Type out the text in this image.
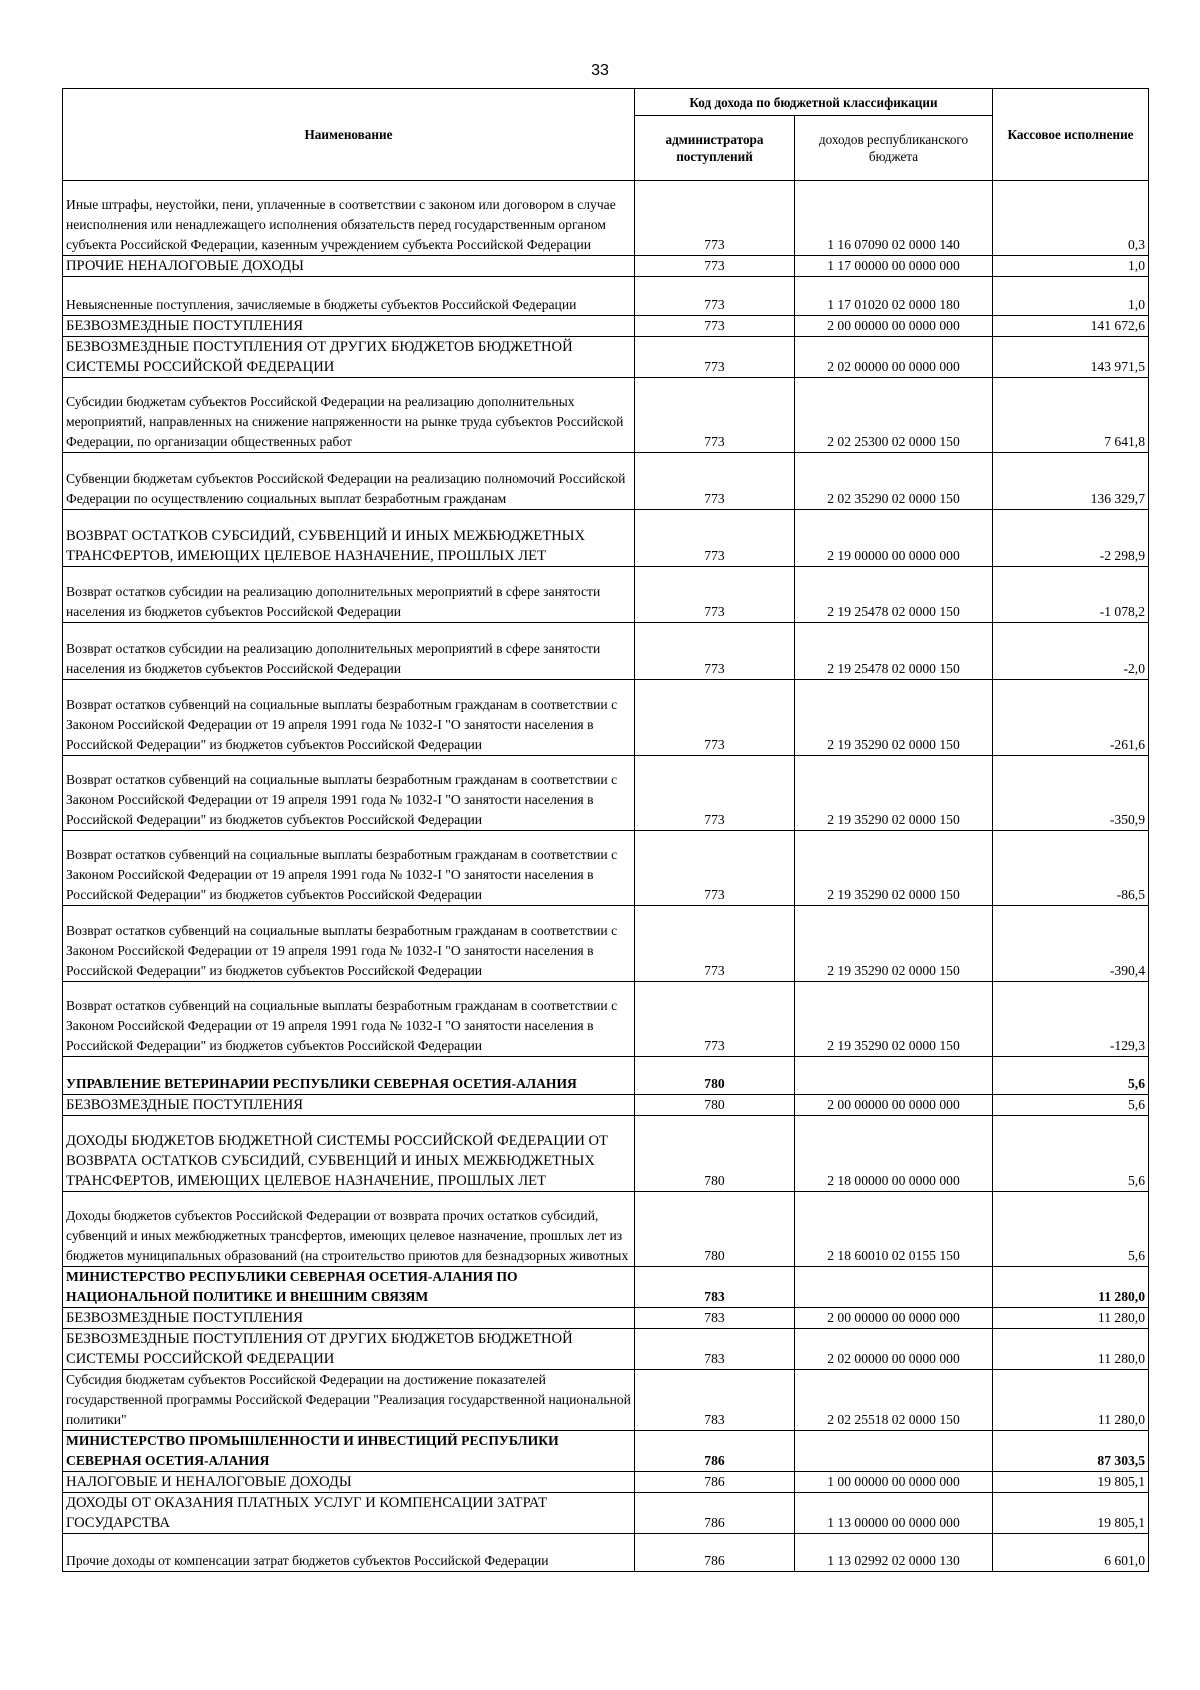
33
Наименование	Код дохода по бюджетной классификации		Кассовое исполнение
	администратора поступлений	доходов республиканского бюджета	
Иные штрафы, неустойки, пени, уплаченные в соответствии с законом или договором в случае неисполнения или ненадлежащего исполнения обязательств перед государственным органом субъекта Российской Федерации, казенным учреждением субъекта Российской Федерации	773	1 16 07090 02 0000 140	0,3
ПРОЧИЕ НЕНАЛОГОВЫЕ ДОХОДЫ	773	1 17 00000 00 0000 000	1,0
Невыясненные поступления, зачисляемые в бюджеты субъектов Российской Федерации	773	1 17 01020 02 0000 180	1,0
БЕЗВОЗМЕЗДНЫЕ ПОСТУПЛЕНИЯ	773	2 00 00000 00 0000 000	141 672,6
БЕЗВОЗМЕЗДНЫЕ ПОСТУПЛЕНИЯ ОТ ДРУГИХ БЮДЖЕТОВ БЮДЖЕТНОЙ СИСТЕМЫ РОССИЙСКОЙ ФЕДЕРАЦИИ	773	2 02 00000 00 0000 000	143 971,5
Субсидии бюджетам субъектов Российской Федерации на реализацию дополнительных мероприятий, направленных на снижение напряженности на рынке труда субъектов Российской Федерации, по организации общественных работ	773	2 02 25300 02 0000 150	7 641,8
Субвенции бюджетам субъектов Российской Федерации на реализацию полномочий Российской Федерации по осуществлению социальных выплат безработным гражданам	773	2 02 35290 02 0000 150	136 329,7
ВОЗВРАТ ОСТАТКОВ СУБСИДИЙ, СУБВЕНЦИЙ И ИНЫХ МЕЖБЮДЖЕТНЫХ ТРАНСФЕРТОВ, ИМЕЮЩИХ ЦЕЛЕВОЕ НАЗНАЧЕНИЕ, ПРОШЛЫХ ЛЕТ	773	2 19 00000 00 0000 000	-2 298,9
Возврат остатков субсидии на реализацию дополнительных мероприятий в сфере занятости населения из бюджетов субъектов Российской Федерации	773	2 19 25478 02 0000 150	-1 078,2
Возврат остатков субсидии на реализацию дополнительных мероприятий в сфере занятости населения из бюджетов субъектов Российской Федерации	773	2 19 25478 02 0000 150	-2,0
Возврат остатков субвенций на социальные выплаты безработным гражданам в соответствии с Законом Российской Федерации от 19 апреля 1991 года № 1032-I "О занятости населения в Российской Федерации" из бюджетов субъектов Российской Федерации	773	2 19 35290 02 0000 150	-261,6
Возврат остатков субвенций на социальные выплаты безработным гражданам в соответствии с Законом Российской Федерации от 19 апреля 1991 года № 1032-I "О занятости населения в Российской Федерации" из бюджетов субъектов Российской Федерации	773	2 19 35290 02 0000 150	-350,9
Возврат остатков субвенций на социальные выплаты безработным гражданам в соответствии с Законом Российской Федерации от 19 апреля 1991 года № 1032-I "О занятости населения в Российской Федерации" из бюджетов субъектов Российской Федерации	773	2 19 35290 02 0000 150	-86,5
Возврат остатков субвенций на социальные выплаты безработным гражданам в соответствии с Законом Российской Федерации от 19 апреля 1991 года № 1032-I "О занятости населения в Российской Федерации" из бюджетов субъектов Российской Федерации	773	2 19 35290 02 0000 150	-390,4
Возврат остатков субвенций на социальные выплаты безработным гражданам в соответствии с Законом Российской Федерации от 19 апреля 1991 года № 1032-I "О занятости населения в Российской Федерации" из бюджетов субъектов Российской Федерации	773	2 19 35290 02 0000 150	-129,3
УПРАВЛЕНИЕ ВЕТЕРИНАРИИ РЕСПУБЛИКИ СЕВЕРНАЯ ОСЕТИЯ-АЛАНИЯ	780		5,6
БЕЗВОЗМЕЗДНЫЕ ПОСТУПЛЕНИЯ	780	2 00 00000 00 0000 000	5,6
ДОХОДЫ БЮДЖЕТОВ БЮДЖЕТНОЙ СИСТЕМЫ РОССИЙСКОЙ ФЕДЕРАЦИИ ОТ ВОЗВРАТА ОСТАТКОВ СУБСИДИЙ, СУБВЕНЦИЙ И ИНЫХ МЕЖБЮДЖЕТНЫХ ТРАНСФЕРТОВ, ИМЕЮЩИХ ЦЕЛЕВОЕ НАЗНАЧЕНИЕ, ПРОШЛЫХ ЛЕТ	780	2 18 00000 00 0000 000	5,6
Доходы бюджетов субъектов Российской Федерации от возврата прочих остатков субсидий, субвенций и иных межбюджетных трансфертов, имеющих целевое назначение, прошлых лет из бюджетов муниципальных образований (на строительство приютов для безнадзорных животных	780	2 18 60010 02 0155 150	5,6
МИНИСТЕРСТВО РЕСПУБЛИКИ СЕВЕРНАЯ ОСЕТИЯ-АЛАНИЯ ПО НАЦИОНАЛЬНОЙ ПОЛИТИКЕ И ВНЕШНИМ СВЯЗЯМ	783		11 280,0
БЕЗВОЗМЕЗДНЫЕ ПОСТУПЛЕНИЯ	783	2 00 00000 00 0000 000	11 280,0
БЕЗВОЗМЕЗДНЫЕ ПОСТУПЛЕНИЯ ОТ ДРУГИХ БЮДЖЕТОВ БЮДЖЕТНОЙ СИСТЕМЫ РОССИЙСКОЙ ФЕДЕРАЦИИ	783	2 02 00000 00 0000 000	11 280,0
Субсидия бюджетам субъектов Российской Федерации на достижение показателей государственной программы Российской Федерации "Реализация государственной национальной политики"	783	2 02 25518 02 0000 150	11 280,0
МИНИСТЕРСТВО ПРОМЫШЛЕННОСТИ И ИНВЕСТИЦИЙ РЕСПУБЛИКИ СЕВЕРНАЯ ОСЕТИЯ-АЛАНИЯ	786		87 303,5
НАЛОГОВЫЕ И НЕНАЛОГОВЫЕ ДОХОДЫ	786	1 00 00000 00 0000 000	19 805,1
ДОХОДЫ ОТ ОКАЗАНИЯ ПЛАТНЫХ УСЛУГ И КОМПЕНСАЦИИ ЗАТРАТ ГОСУДАРСТВА	786	1 13 00000 00 0000 000	19 805,1
Прочие доходы от компенсации затрат бюджетов субъектов Российской Федерации	786	1 13 02992 02 0000 130	6 601,0
